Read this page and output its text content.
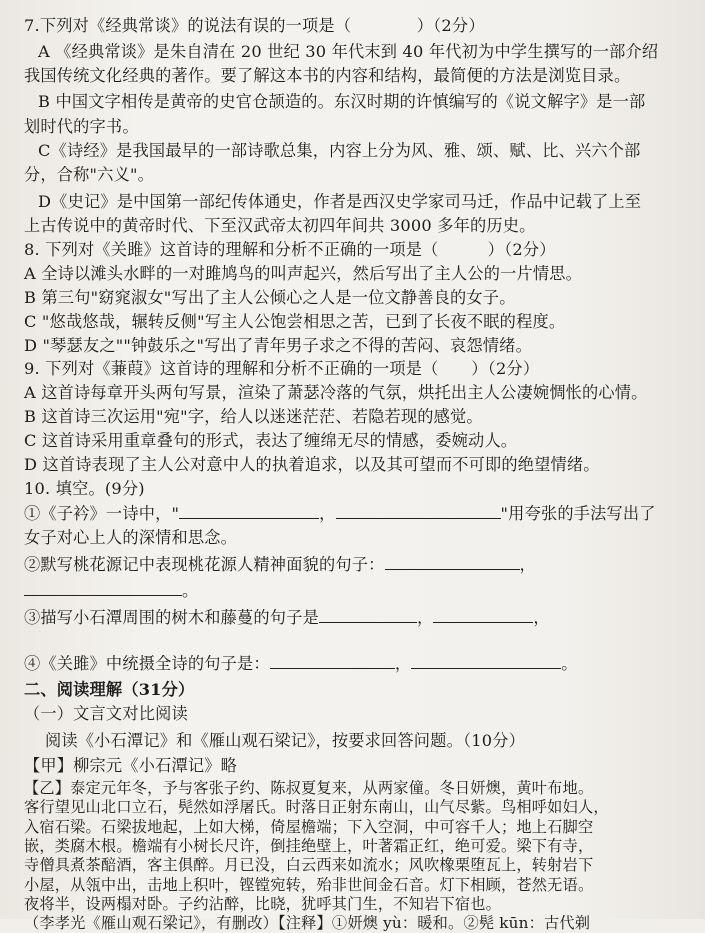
7.下列对《经典常谈》的说法有误的一项是（　　　　）（2分）
A 《经典常谈》是朱自清在 20 世纪 30 年代末到 40 年代初为中学生撰写的一部介绍
我国传统文化经典的著作。要了解这本书的内容和结构，最简便的方法是浏览目录。
B 中国文字相传是黄帝的史官仓颉造的。东汉时期的许慎编写的《说文解字》是一部
划时代的字书。
C《诗经》是我国最早的一部诗歌总集，内容上分为风、雅、颂、赋、比、兴六个部
分，合称"六义"。
D《史记》是中国第一部纪传体通史，作者是西汉史学家司马迁，作品中记载了上至
上古传说中的黄帝时代、下至汉武帝太初四年间共 3000 多年的历史。
8. 下列对《关雎》这首诗的理解和分析不正确的一项是（　　　）（2分）
A 全诗以滩头水畔的一对雎鸠鸟的叫声起兴，然后写出了主人公的一片情思。
B 第三句"窈窕淑女"写出了主人公倾心之人是一位文静善良的女子。
C "悠哉悠哉，辗转反侧"写主人公饱尝相思之苦，已到了长夜不眠的程度。
D "琴瑟友之""钟鼓乐之"写出了青年男子求之不得的苦闷、哀怨情绪。
9. 下列对《蒹葭》这首诗的理解和分析不正确的一项是（　　）（2分）
A 这首诗每章开头两句写景，渲染了萧瑟冷落的气氛，烘托出主人公凄婉惆怅的心情。
B 这首诗三次运用"宛"字，给人以迷迷茫茫、若隐若现的感觉。
C 这首诗采用重章叠句的形式，表达了缠绵无尽的情感，委婉动人。
D 这首诗表现了主人公对意中人的执着追求，以及其可望而不可即的绝望情绪。
10. 填空。(9分)
①《子衿》一诗中，"	，	"用夸张的手法写出了
女子对心上人的深情和思念。
②默写桃花源记中表现桃花源人精神面貌的句子：	，
。
③描写小石潭周围的树木和藤蔓的句子是	，	，
④《关雎》中统摄全诗的句子是：	，	。
二、阅读理解（31分）
（一）文言文对比阅读
阅读《小石潭记》和《雁山观石梁记》，按要求回答问题。（10分）
【甲】柳宗元《小石潭记》略
【乙】泰定元年冬，予与客张子约、陈叔夏复来，从两家僮。冬日妍燠，黄叶布地。
客行望见山北口立石，髡然如浮屠氏。时落日正射东南山，山气尽紫。鸟相呼如妇人，
入宿石梁。石梁拔地起，上如大梯，倚屋檐端；下入空洞，中可容千人；地上石脚空
嵌，类腐木根。檐端有小树长尺许，倒挂绝壁上，叶著霜正红，绝可爱。梁下有寺，
寺僧具煮茶醅酒，客主俱醉。月已没，白云西来如流水；风吹橡栗堕瓦上，转射岩下
小屋，从瓴中出，击地上积叶，铿镗宛转，殆非世间金石音。灯下相顾，苍然无语。
夜将半，设两榻对卧。子约沾醉，比晓，犹呼其门生，不知岩下宿也。
（李孝光《雁山观石梁记》，有删改）【注释】①妍燠 yù：暖和。②髡 kūn：古代剃
